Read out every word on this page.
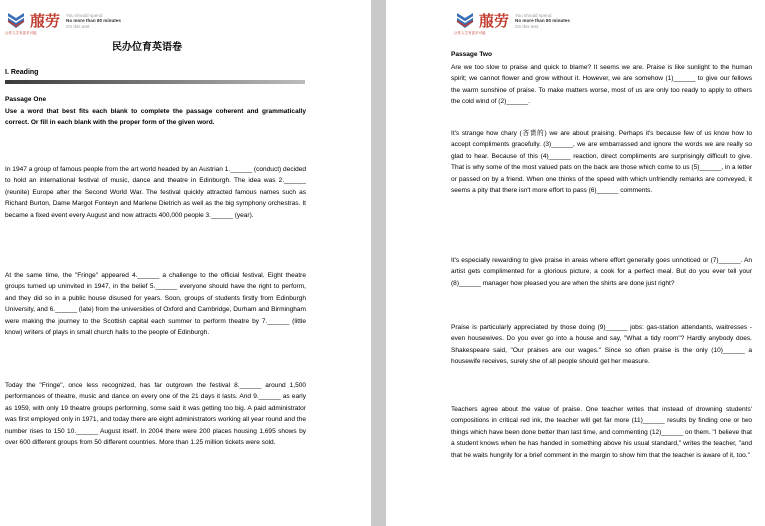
菔劳
让你人生有更多可能
You should spend
No more than 80 minutes
On this test
民办位育英语卷
I. Reading
Passage One
Use a word that best fits each blank to complete the passage coherent and grammatically correct. Or fill in each blank with the proper form of the given word.
In 1947 a group of famous people from the art world headed by an Austrian 1.______ (conduct) decided to hold an international festival of music, dance and theatre in Edinburgh. The idea was 2.______ (reunite) Europe after the Second World War. The festival quickly attracted famous names such as Richard Burton, Dame Margot Fonteyn and Marlene Dietrich as well as the big symphony orchestras. It became a fixed event every August and now attracts 400,000 people 3.______ (year).
At the same time, the "Fringe" appeared 4.______ a challenge to the official festival. Eight theatre groups turned up uninvited in 1947, in the belief 5.______ everyone should have the right to perform, and they did so in a public house disused for years. Soon, groups of students firstly from Edinburgh University, and 6.______ (late) from the universities of Oxford and Cambridge, Durham and Birmingham were making the journey to the Scottish capital each summer to perform theatre by 7.______ (little know) writers of plays in small church halls to the people of Edinburgh.
Today the "Fringe", once less recognized, has far outgrown the festival 8.______ around 1,500 performances of theatre, music and dance on every one of the 21 days it lasts. And 9.______ as early as 1959, with only 19 theatre groups performing, some said it was getting too big. A paid administrator was first employed only in 1971, and today there are eight administrators working all year round and the number rises to 150 10.______ August itself. In 2004 there were 200 places housing 1,695 shows by over 600 different groups from 50 different countries. More than 1.25 million tickets were sold.
菔劳
让你人生有更多可能
You should spend
No more than 80 minutes
On this test
Passage Two
Are we too slow to praise and quick to blame? It seems we are. Praise is like sunlight to the human spirit; we cannot flower and grow without it. However, we are somehow (1)______ to give our fellows the warm sunshine of praise. To make matters worse, most of us are only too ready to apply to others the cold wind of (2)______.
It's strange how chary (吝啬的) we are about praising. Perhaps it's because few of us know how to accept compliments gracefully. (3)______, we are embarrassed and ignore the words we are really so glad to hear. Because of this (4)______ reaction, direct compliments are surprisingly difficult to give. That is why some of the most valued pats on the back are those which come to us (5)______, in a letter or passed on by a friend. When one thinks of the speed with which unfriendly remarks are conveyed, it seems a pity that there isn't more effort to pass (6)______ comments.
It's especially rewarding to give praise in areas where effort generally goes unnoticed or (7)______. An artist gets complimented for a glorious picture, a cook for a perfect meal. But do you ever tell your (8)______ manager how pleased you are when the shirts are done just right?
Praise is particularly appreciated by those doing (9)______ jobs: gas-station attendants, waitresses - even housewives. Do you ever go into a house and say, "What a tidy room"? Hardly anybody does. Shakespeare said, "Our praises are our wages." Since so often praise is the only (10)______ a housewife receives, surely she of all people should get her measure.
Teachers agree about the value of praise. One teacher writes that instead of drowning students' compositions in critical red ink, the teacher will get far more (11)______ results by finding one or two things which have been done better than last time, and commenting (12)______ on them. "I believe that a student knows when he has handed in something above his usual standard," writes the teacher, "and that he waits hungrily for a brief comment in the margin to show him that the teacher is aware of it, too."
